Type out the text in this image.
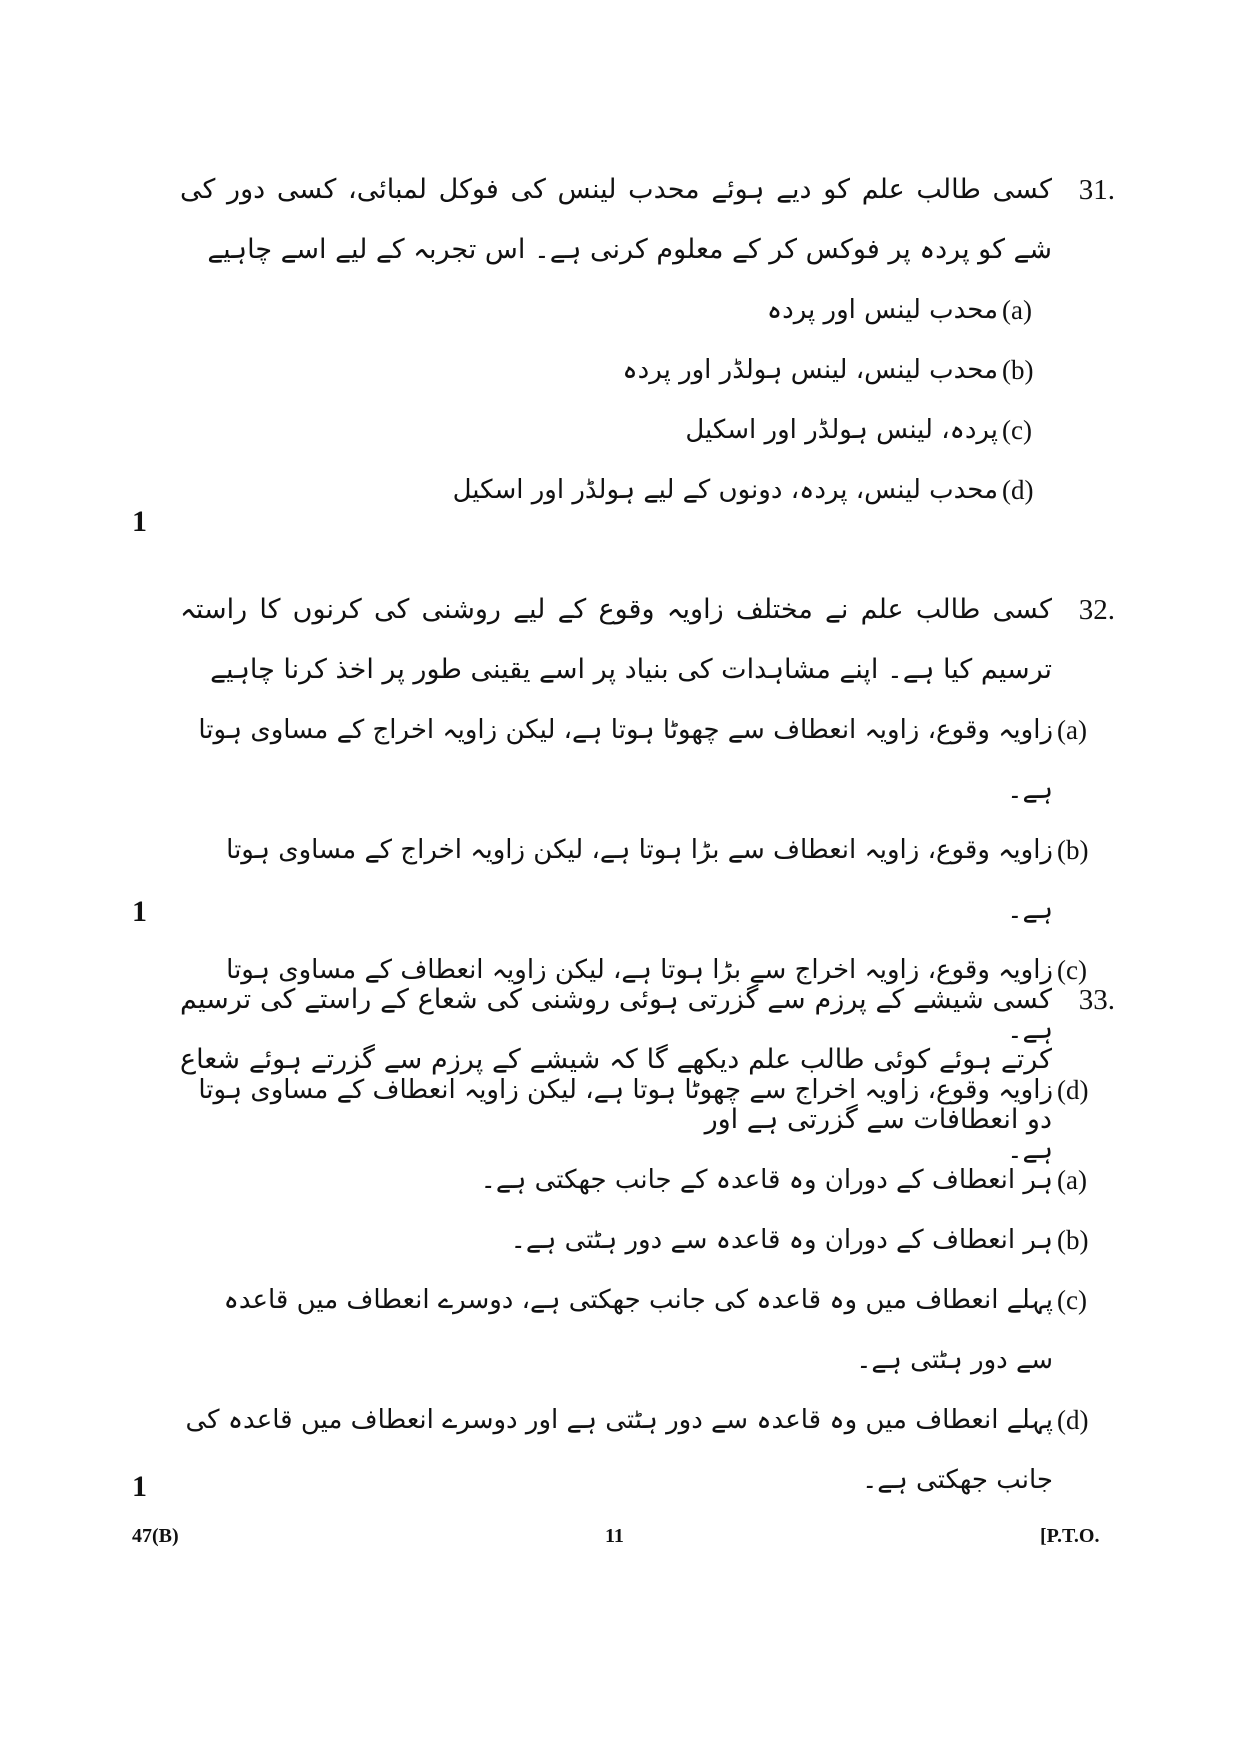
31.
کسی طالب علم کو دیے ہوئے محدب لینس کی فوکل لمبائی، کسی دور کی شے کو پردہ پر فوکس کر کے معلوم کرنی ہے۔ اس تجربہ کے لیے اسے چاہیے
(a)
محدب لینس اور پردہ
(b)
محدب لینس، لینس ہولڈر اور پردہ
(c)
پردہ، لینس ہولڈر اور اسکیل
(d)
محدب لینس، پردہ، دونوں کے لیے ہولڈر اور اسکیل
1
32.
کسی طالب علم نے مختلف زاویہ وقوع کے لیے روشنی کی کرنوں کا راستہ ترسیم کیا ہے۔ اپنے مشاہدات کی بنیاد پر اسے یقینی طور پر اخذ کرنا چاہیے
(a)
زاویہ وقوع، زاویہ انعطاف سے چھوٹا ہوتا ہے، لیکن زاویہ اخراج کے مساوی ہوتا ہے۔
(b)
زاویہ وقوع، زاویہ انعطاف سے بڑا ہوتا ہے، لیکن زاویہ اخراج کے مساوی ہوتا ہے۔
(c)
زاویہ وقوع، زاویہ اخراج سے بڑا ہوتا ہے، لیکن زاویہ انعطاف کے مساوی ہوتا ہے۔
(d)
زاویہ وقوع، زاویہ اخراج سے چھوٹا ہوتا ہے، لیکن زاویہ انعطاف کے مساوی ہوتا ہے۔
1
33.
کسی شیشے کے پرزم سے گزرتی ہوئی روشنی کی شعاع کے راستے کی ترسیم کرتے ہوئے کوئی طالب علم دیکھے گا کہ شیشے کے پرزم سے گزرتے ہوئے شعاع دو انعطافات سے گزرتی ہے اور
(a)
ہر انعطاف کے دوران وہ قاعدہ کے جانب جھکتی ہے۔
(b)
ہر انعطاف کے دوران وہ قاعدہ سے دور ہٹتی ہے۔
(c)
پہلے انعطاف میں وہ قاعدہ کی جانب جھکتی ہے، دوسرے انعطاف میں قاعدہ سے دور ہٹتی ہے۔
(d)
پہلے انعطاف میں وہ قاعدہ سے دور ہٹتی ہے اور دوسرے انعطاف میں قاعدہ کی جانب جھکتی ہے۔
1
47(B)	11	[P.T.O.
